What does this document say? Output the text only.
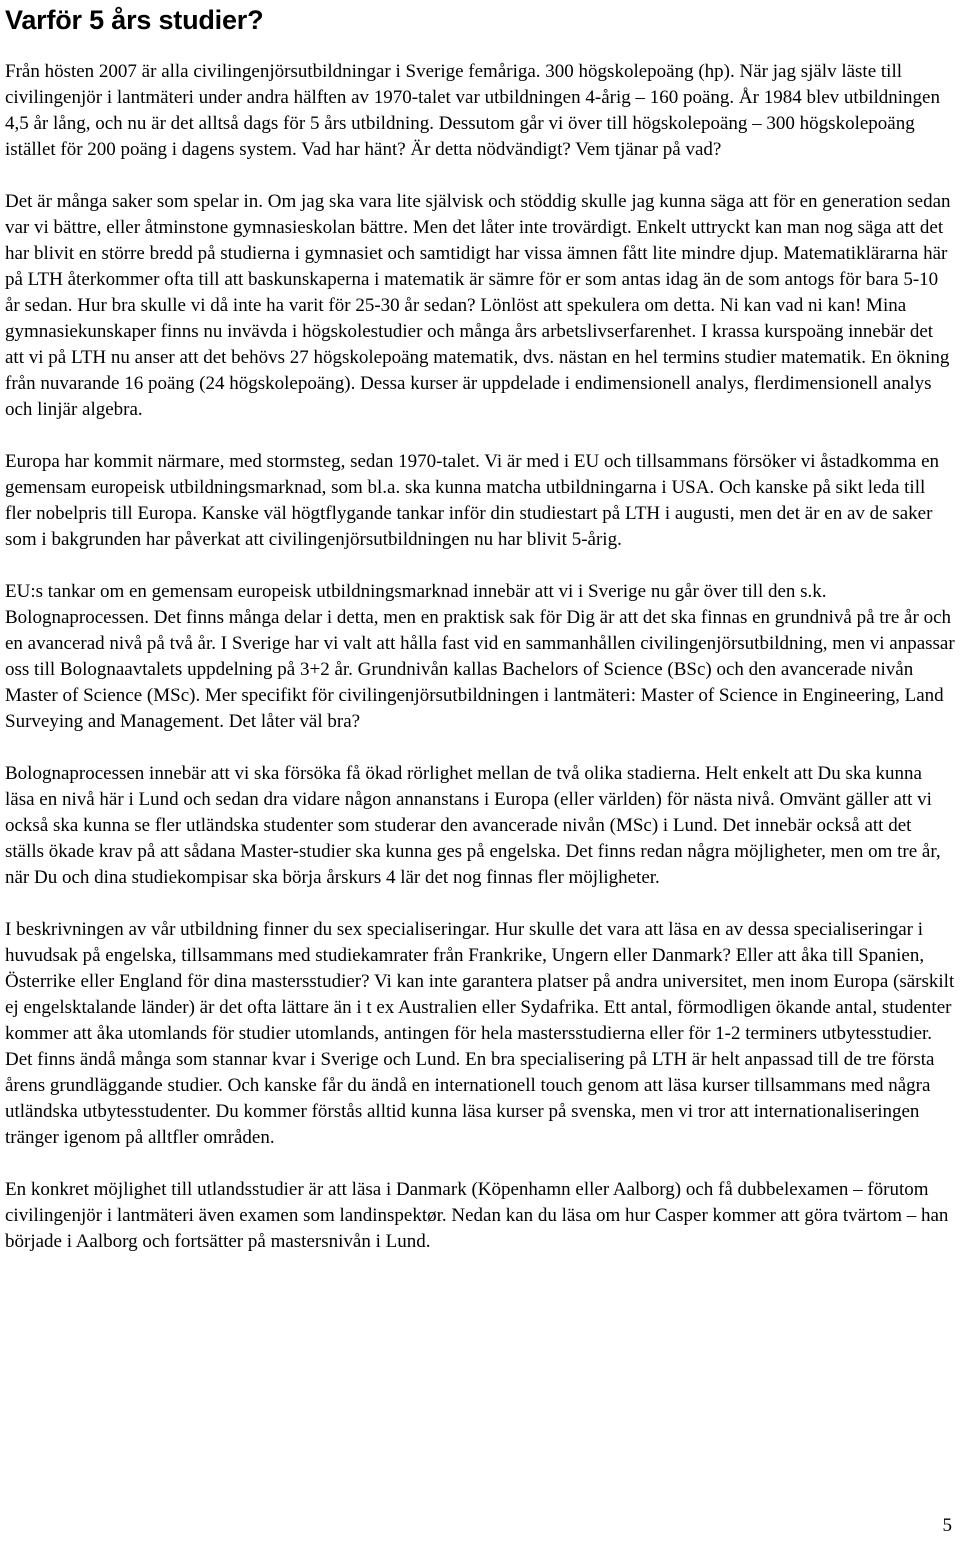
Varför 5 års studier?

Från hösten 2007 är alla civilingenjörsutbildningar i Sverige femåriga. 300 högskolepoäng (hp). När jag själv läste till civilingenjör i lantmäteri under andra hälften av 1970-talet var utbildningen 4-årig – 160 poäng. År 1984 blev utbildningen 4,5 år lång, och nu är det alltså dags för 5 års utbildning. Dessutom går vi över till högskolepoäng – 300 högskolepoäng istället för 200 poäng i dagens system. Vad har hänt? Är detta nödvändigt? Vem tjänar på vad?

Det är många saker som spelar in. Om jag ska vara lite självisk och stöddig skulle jag kunna säga att för en generation sedan var vi bättre, eller åtminstone gymnasieskolan bättre. Men det låter inte trovärdigt. Enkelt uttryckt kan man nog säga att det har blivit en större bredd på studierna i gymnasiet och samtidigt har vissa ämnen fått lite mindre djup. Matematiklärarna här på LTH återkommer ofta till att baskunskaperna i matematik är sämre för er som antas idag än de som antogs för bara 5-10 år sedan. Hur bra skulle vi då inte ha varit för 25-30 år sedan? Lönlöst att spekulera om detta. Ni kan vad ni kan! Mina gymnasiekunskaper finns nu invävda i högskolestudier och många års arbetslivserfarenhet. I krassa kurspoäng innebär det att vi på LTH nu anser att det behövs 27 högskolepoäng matematik, dvs. nästan en hel termins studier matematik. En ökning från nuvarande 16 poäng (24 högskolepoäng). Dessa kurser är uppdelade i endimensionell analys, flerdimensionell analys och linjär algebra.

Europa har kommit närmare, med stormsteg, sedan 1970-talet. Vi är med i EU och tillsammans försöker vi åstadkomma en gemensam europeisk utbildningsmarknad, som bl.a. ska kunna matcha utbildningarna i USA. Och kanske på sikt leda till fler nobelpris till Europa. Kanske väl högtflygande tankar inför din studiestart på LTH i augusti, men det är en av de saker som i bakgrunden har påverkat att civilingenjörsutbildningen nu har blivit 5-årig.

EU:s tankar om en gemensam europeisk utbildningsmarknad innebär att vi i Sverige nu går över till den s.k. Bolognaprocessen. Det finns många delar i detta, men en praktisk sak för Dig är att det ska finnas en grundnivå på tre år och en avancerad nivå på två år. I Sverige har vi valt att hålla fast vid en sammanhållen civilingenjörsutbildning, men vi anpassar oss till Bolognaavtalets uppdelning på 3+2 år. Grundnivån kallas Bachelors of Science (BSc) och den avancerade nivån Master of Science (MSc). Mer specifikt för civilingenjörsutbildningen i lantmäteri: Master of Science in Engineering, Land Surveying and Management. Det låter väl bra?

Bolognaprocessen innebär att vi ska försöka få ökad rörlighet mellan de två olika stadierna. Helt enkelt att Du ska kunna läsa en nivå här i Lund och sedan dra vidare någon annanstans i Europa (eller världen) för nästa nivå. Omvänt gäller att vi också ska kunna se fler utländska studenter som studerar den avancerade nivån (MSc) i Lund. Det innebär också att det ställs ökade krav på att sådana Master-studier ska kunna ges på engelska. Det finns redan några möjligheter, men om tre år, när Du och dina studiekompisar ska börja årskurs 4 lär det nog finnas fler möjligheter.

I beskrivningen av vår utbildning finner du sex specialiseringar. Hur skulle det vara att läsa en av dessa specialiseringar i huvudsak på engelska, tillsammans med studiekamrater från Frankrike, Ungern eller Danmark? Eller att åka till Spanien, Österrike eller England för dina mastersstudier? Vi kan inte garantera platser på andra universitet, men inom Europa (särskilt ej engelsktalande länder) är det ofta lättare än i t ex Australien eller Sydafrika. Ett antal, förmodligen ökande antal, studenter kommer att åka utomlands för studier utomlands, antingen för hela mastersstudierna eller för 1-2 terminers utbytesstudier. Det finns ändå många som stannar kvar i Sverige och Lund. En bra specialisering på LTH är helt anpassad till de tre första årens grundläggande studier. Och kanske får du ändå en internationell touch genom att läsa kurser tillsammans med några utländska utbytesstudenter. Du kommer förstås alltid kunna läsa kurser på svenska, men vi tror att internationaliseringen tränger igenom på alltfler områden.

En konkret möjlighet till utlandsstudier är att läsa i Danmark (Köpenhamn eller Aalborg) och få dubbelexamen – förutom civilingenjör i lantmäteri även examen som landinspektør. Nedan kan du läsa om hur Casper kommer att göra tvärtom – han började i Aalborg och fortsätter på mastersnivån i Lund.

5
